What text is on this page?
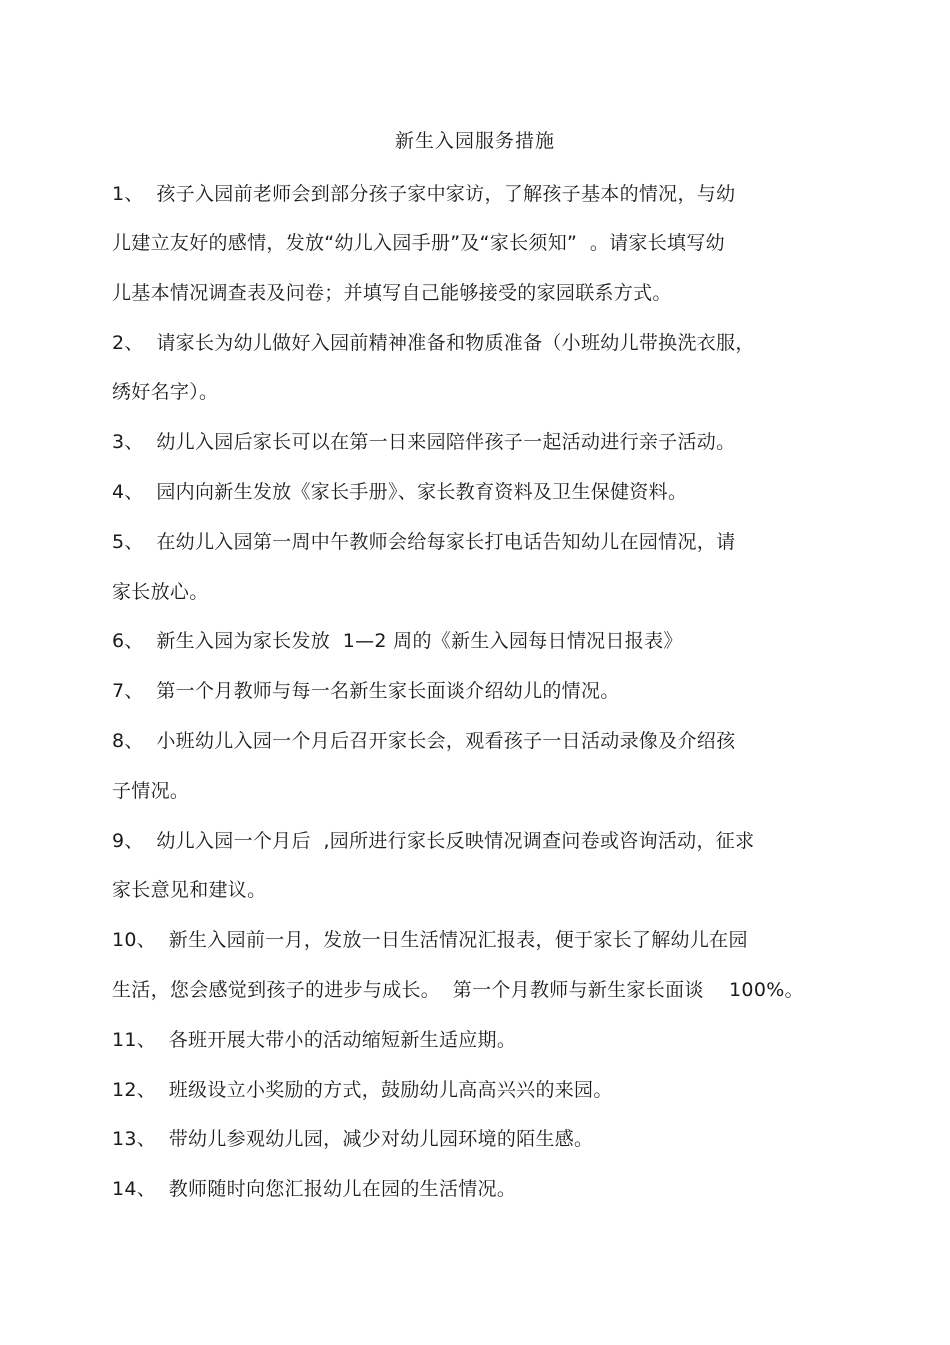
新生入园服务措施
1、  孩子入园前老师会到部分孩子家中家访，了解孩子基本的情况，与幼
儿建立友好的感情，发放“幼儿入园手册”及“家长须知”  。请家长填写幼
儿基本情况调查表及问卷；并填写自己能够接受的家园联系方式。
2、  请家长为幼儿做好入园前精神准备和物质准备（小班幼儿带换洗衣服，
绣好名字）。
3、  幼儿入园后家长可以在第一日来园陪伴孩子一起活动进行亲子活动。
4、  园内向新生发放《家长手册》、家长教育资料及卫生保健资料。
5、  在幼儿入园第一周中午教师会给每家长打电话告知幼儿在园情况，请
家长放心。
6、  新生入园为家长发放  1—2 周的《新生入园每日情况日报表》
7、  第一个月教师与每一名新生家长面谈介绍幼儿的情况。
8、  小班幼儿入园一个月后召开家长会，观看孩子一日活动录像及介绍孩
子情况。
9、  幼儿入园一个月后  ,园所进行家长反映情况调查问卷或咨询活动，征求
家长意见和建议。
10、  新生入园前一月，发放一日生活情况汇报表，便于家长了解幼儿在园
生活，您会感觉到孩子的进步与成长。  第一个月教师与新生家长面谈    100%。
11、  各班开展大带小的活动缩短新生适应期。
12、  班级设立小奖励的方式，鼓励幼儿高高兴兴的来园。
13、  带幼儿参观幼儿园，减少对幼儿园环境的陌生感。
14、  教师随时向您汇报幼儿在园的生活情况。
